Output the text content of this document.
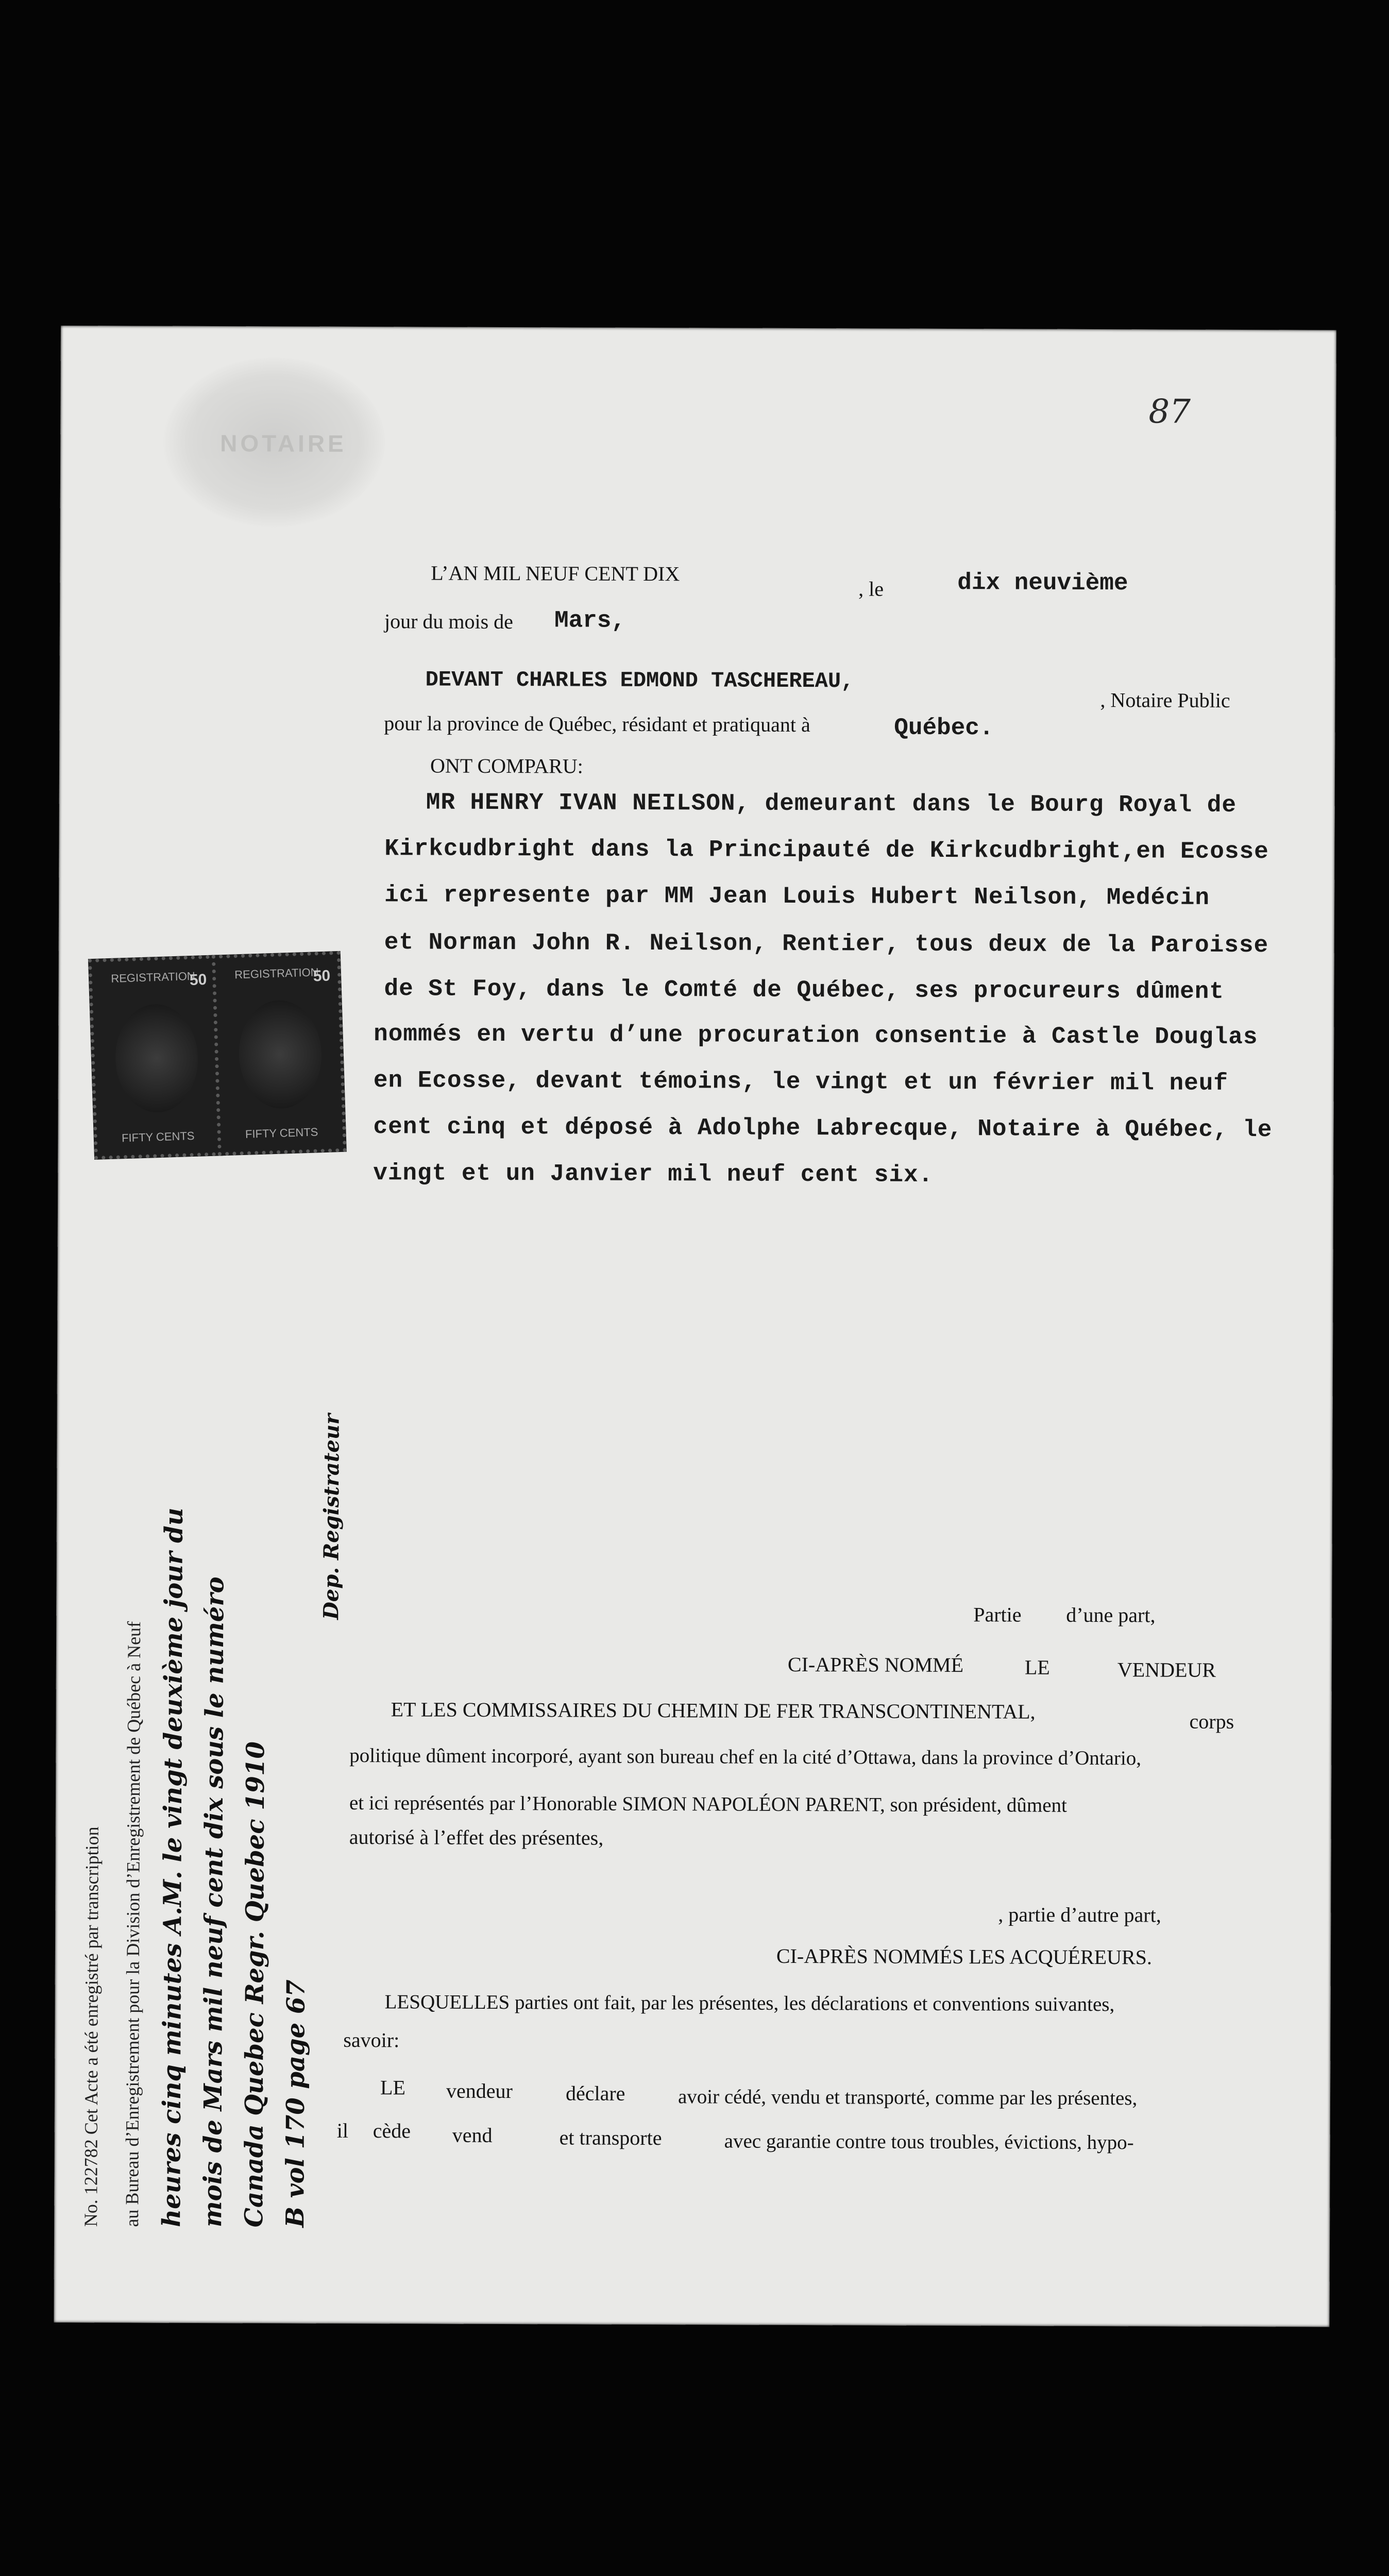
NOTAIRE
87
L’AN MIL NEUF CENT DIX
, le	dix neuvième
jour du mois de Mars,
DEVANT CHARLES EDMOND TASCHEREAU,
, Notaire Public
pour la province de Québec, résidant et pratiquant à	Québec.
ONT COMPARU:
MR HENRY IVAN NEILSON, demeurant dans le Bourg Royal de
Kirkcudbright dans la Principauté de Kirkcudbright,en Ecosse
ici represente par MM Jean Louis Hubert Neilson, Medécin
et Norman John R. Neilson, Rentier, tous deux de la Paroisse
de St Foy, dans le Comté de Québec, ses procureurs dûment
nommés en vertu d’une procuration consentie à Castle Douglas
en Ecosse, devant témoins, le vingt et un février mil neuf
cent cinq et déposé à Adolphe Labrecque, Notaire à Québec, le
vingt et un Janvier mil neuf cent six.
REGISTRATION
50
FIFTY CENTS
REGISTRATION
50
FIFTY CENTS
Partie d’une part,
CI-APRÈS NOMMÉ	LE	VENDEUR
ET LES COMMISSAIRES DU CHEMIN DE FER TRANSCONTINENTAL,	corps
politique dûment incorporé, ayant son bureau chef en la cité d’Ottawa, dans la province d’Ontario,
et ici représentés par l’Honorable SIMON NAPOLÉON PARENT, son président, dûment
autorisé à l’effet des présentes,
, partie d’autre part,
CI-APRÈS NOMMÉS LES ACQUÉREURS.
LESQUELLES parties ont fait, par les présentes, les déclarations et conventions suivantes,
savoir:
LE vendeur	déclare	avoir cédé, vendu et transporté, comme par les présentes,
il cède vend	et transporte	avec garantie contre tous troubles, évictions, hypo-
No. 122782 Cet Acte a été enregistré par transcription au Bureau d’Enregistrement pour la Division d’Enregistrement de Québec à Neuf heures cinq minutes A.M. le vingt deuxième jour du mois de Mars mil neuf cent dix sous le numéro Canada Quebec Regr. Quebec 1910 B vol 170 page 67
Dep. Registrateur
